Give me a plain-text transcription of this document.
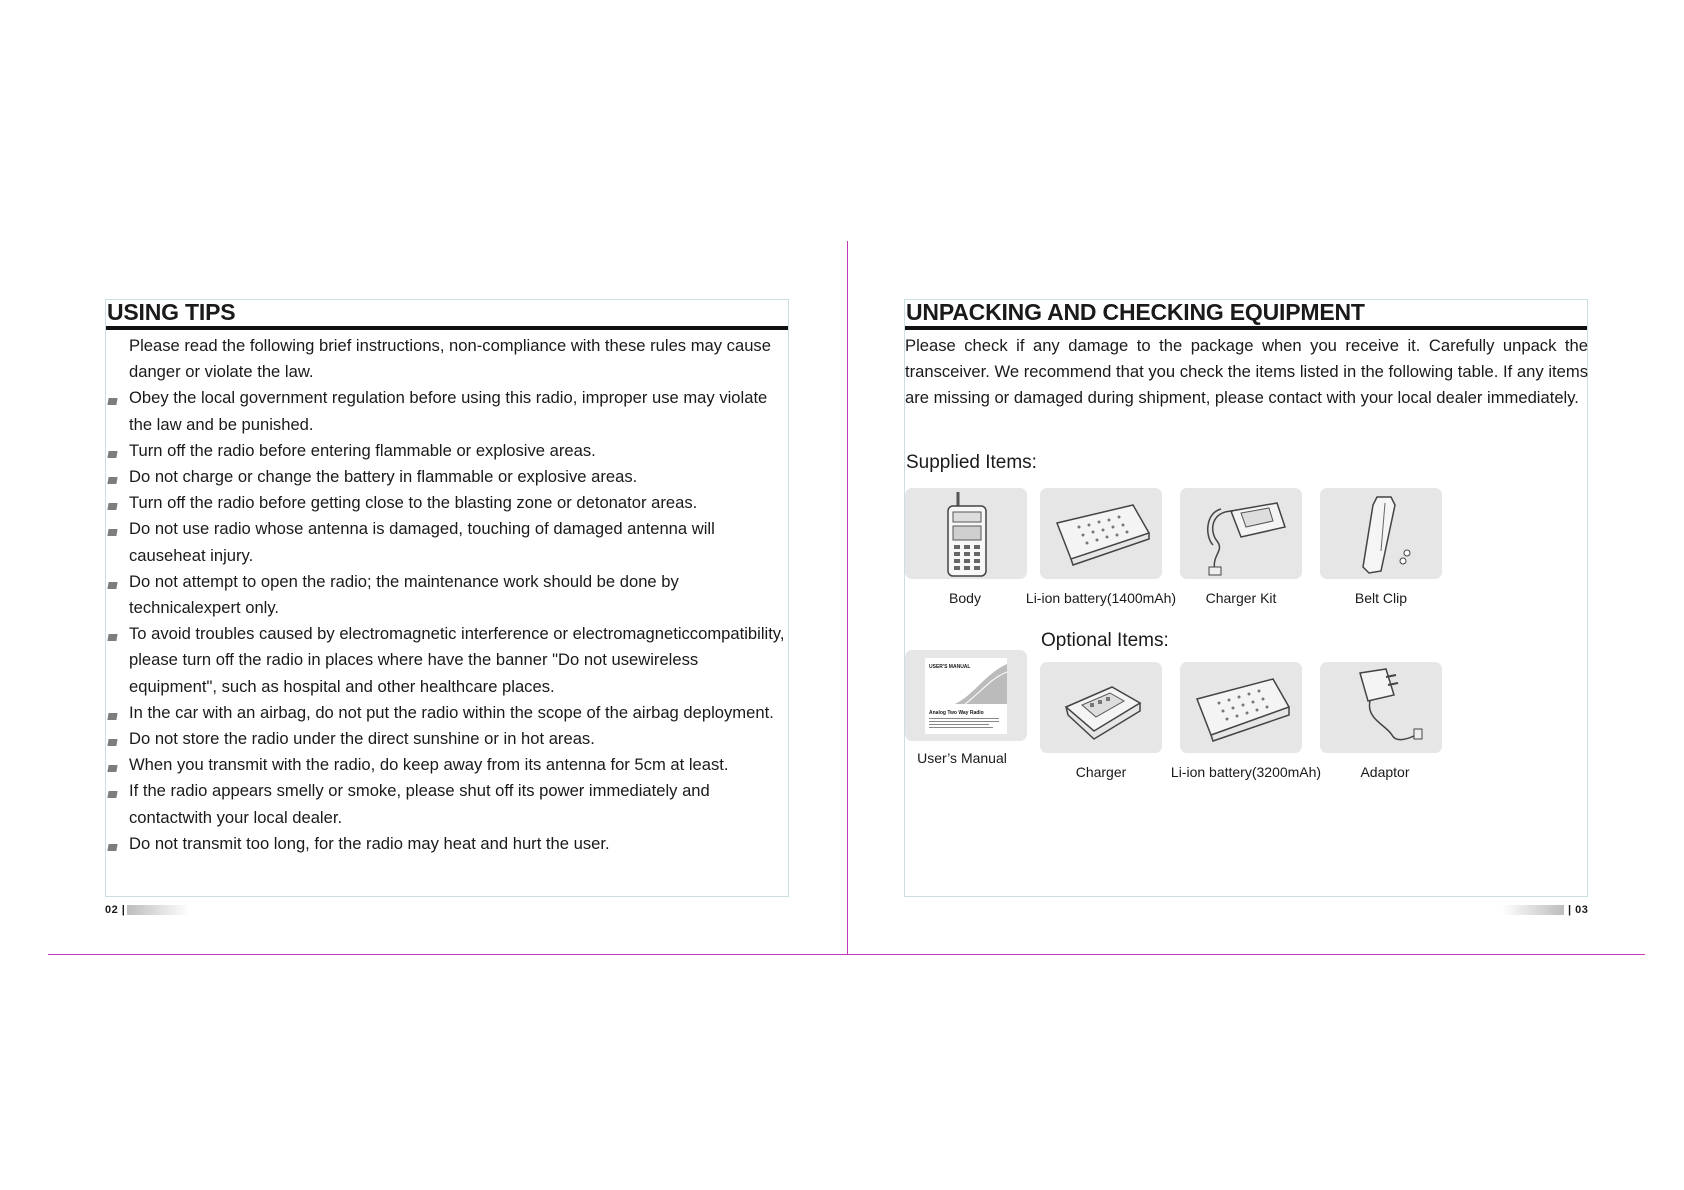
USING TIPS
Please read the following brief instructions, non-compliance with these rules may cause danger or violate the law.
Obey the local government regulation before using this radio, improper use may violate the law and be punished.
Turn off the radio before entering flammable or explosive areas.
Do not charge or change the battery in flammable or explosive areas.
Turn off the radio before getting close to the blasting zone or detonator areas.
Do not use radio whose antenna is damaged, touching of damaged antenna will causeheat injury.
Do not attempt to open the radio; the maintenance work should be done by technicalexpert only.
To avoid troubles caused by electromagnetic interference or electromagneticcompatibility, please turn off the radio in places where have the banner "Do not usewireless equipment", such as hospital and other healthcare places.
In the car with an airbag, do not put the radio within the scope of the airbag deployment.
Do not store the radio under the direct sunshine or in hot areas.
When you transmit with the radio, do keep away from its antenna for 5cm at least.
If the radio appears smelly or smoke, please shut off its power immediately and contactwith your local dealer.
Do not transmit too long, for the radio may heat and hurt the user.
02 |
UNPACKING AND CHECKING EQUIPMENT

Please check if any damage to the package when you receive it. Carefully unpack the transceiver. We recommend that you check the items listed in the following table. If any items are missing or damaged during shipment, please contact with your local dealer immediately.

Supplied Items:
Body	Li-ion battery(1400mAh)	Charger Kit	Belt Clip
Optional Items:
USER'S MANUAL
Analog Two Way Radio
User’s Manual
Charger	Li-ion battery(3200mAh)	Adaptor
| 03
